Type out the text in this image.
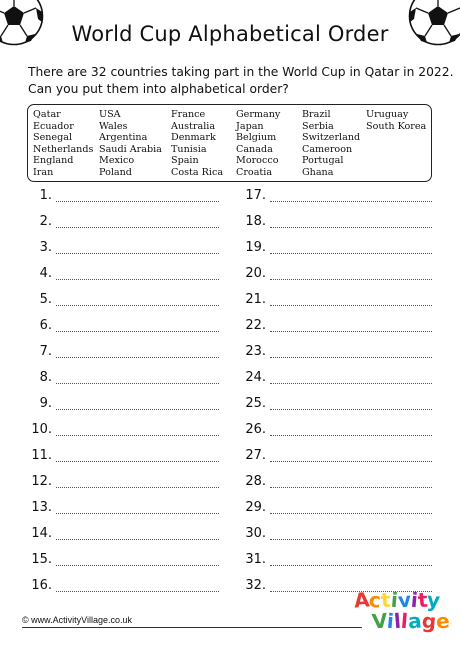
World Cup Alphabetical Order
There are 32 countries taking part in the World Cup in Qatar in 2022.
Can you put them into alphabetical order?
Qatar
Ecuador
Senegal
Netherlands
England
Iran
USA
Wales
Argentina
Saudi Arabia
Mexico
Poland
France
Australia
Denmark
Tunisia
Spain
Costa Rica
Germany
Japan
Belgium
Canada
Morocco
Croatia
Brazil
Serbia
Switzerland
Cameroon
Portugal
Ghana
Uruguay
South Korea
1.
2.
3.
4.
5.
6.
7.
8.
9.
10.
11.
12.
13.
14.
15.
16.
17.
18.
19.
20.
21.
22.
23.
24.
25.
26.
27.
28.
29.
30.
31.
32.
© www.ActivityVillage.co.uk
Activity
Village
